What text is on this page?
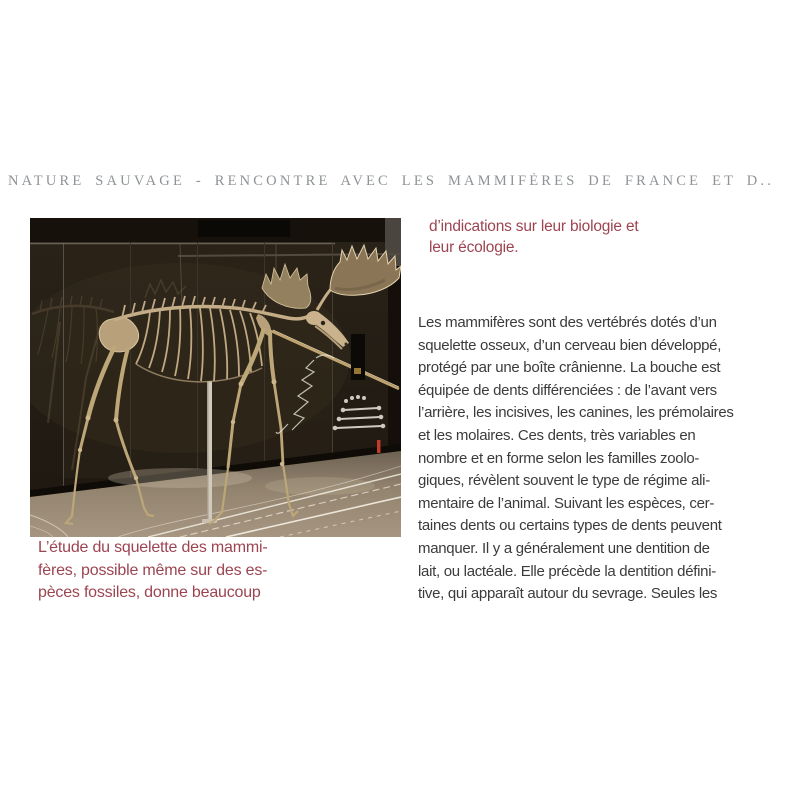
NATURE SAUVAGE - RENCONTRE AVEC LES MAMMIFÈRES DE FRANCE ET D..
L’étude du squelette des mammi-
fères, possible même sur des es-
pèces fossiles, donne beaucoup
d’indications sur leur biologie et
leur écologie.
Les mammifères sont des vertébrés dotés d’un
squelette osseux, d’un cerveau bien développé,
protégé par une boîte crânienne. La bouche est
équipée de dents différenciées : de l’avant vers
l’arrière, les incisives, les canines, les prémolaires
et les molaires. Ces dents, très variables en
nombre et en forme selon les familles zoolo-
giques, révèlent souvent le type de régime ali-
mentaire de l’animal. Suivant les espèces, cer-
taines dents ou certains types de dents peuvent
manquer. Il y a généralement une dentition de
lait, ou lactéale. Elle précède la dentition défini-
tive, qui apparaît autour du sevrage. Seules les
